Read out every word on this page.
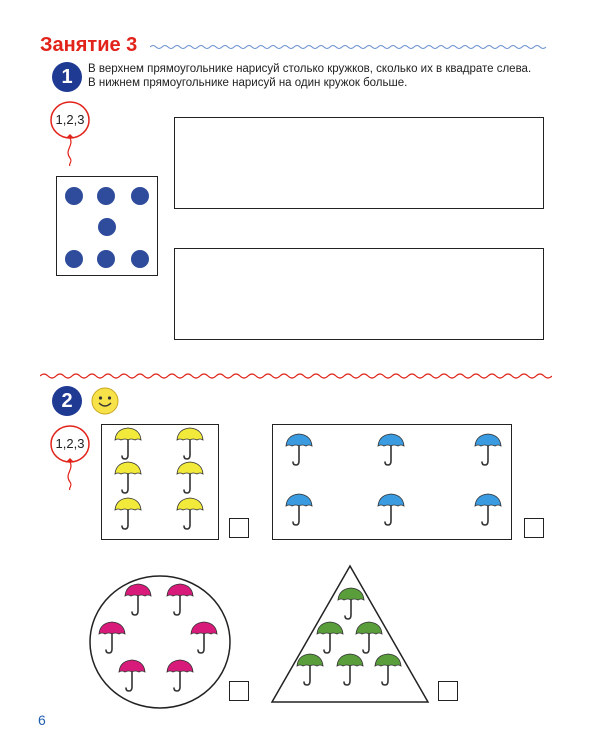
Занятие 3
1	В верхнем прямоугольнике нарисуй столько кружков, сколько их в квадрате слева.
В нижнем прямоугольнике нарисуй на один кружок больше.
1,2,3
2
1,2,3
6
